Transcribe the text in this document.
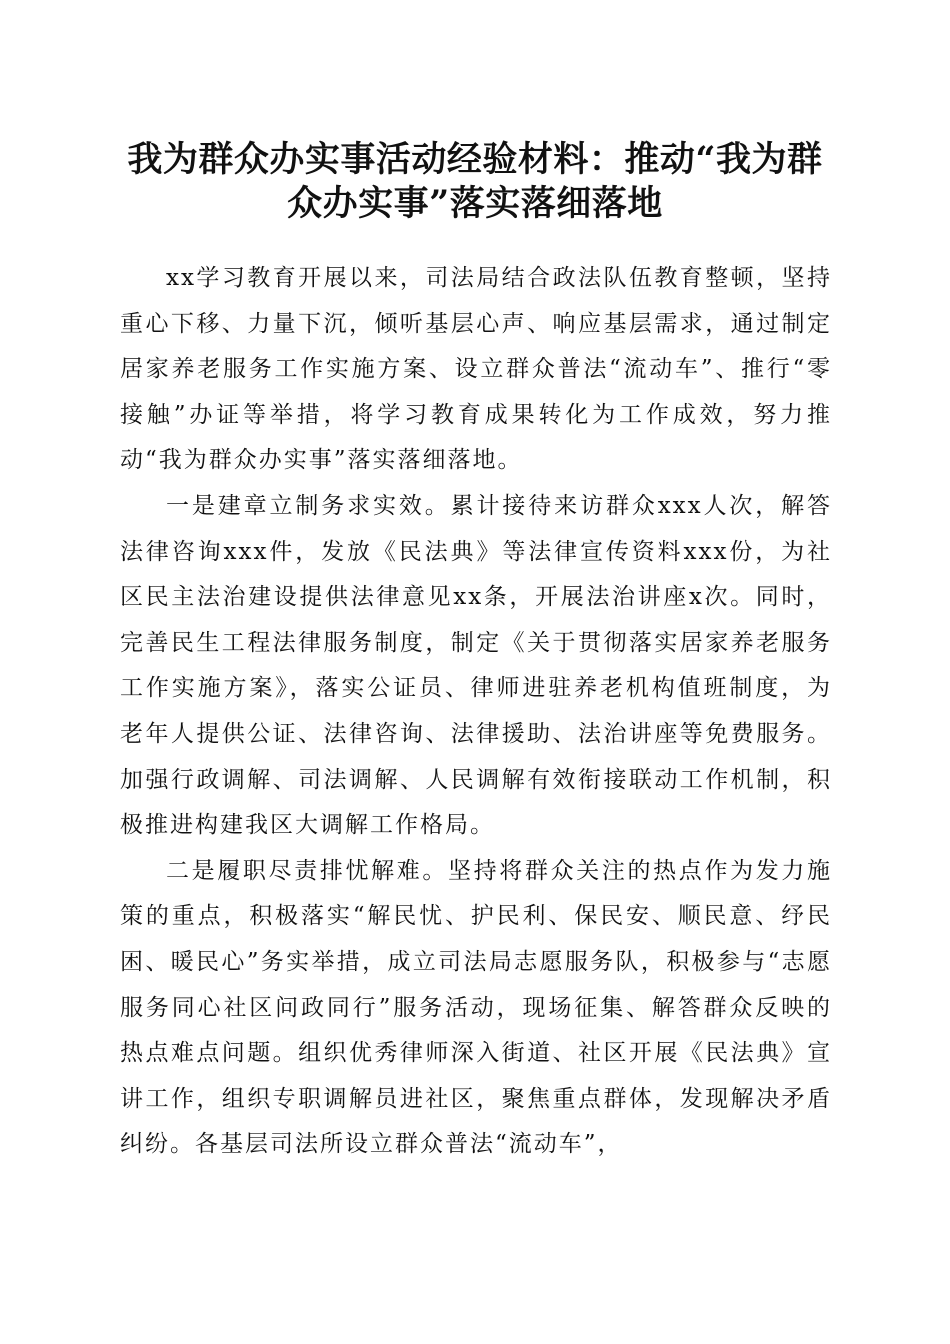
我为群众办实事活动经验材料：推动“我为群
众办实事”落实落细落地

xx学习教育开展以来，司法局结合政法队伍教育整顿，坚持重心下移、力量下沉，倾听基层心声、响应基层需求，通过制定居家养老服务工作实施方案、设立群众普法“流动车”、推行“零接触”办证等举措，将学习教育成果转化为工作成效，努力推动“我为群众办实事”落实落细落地。

一是建章立制务求实效。累计接待来访群众xxx人次，解答法律咨询xxx件，发放《民法典》等法律宣传资料xxx份，为社区民主法治建设提供法律意见xx条，开展法治讲座x次。同时，完善民生工程法律服务制度，制定《关于贯彻落实居家养老服务工作实施方案》，落实公证员、律师进驻养老机构值班制度，为老年人提供公证、法律咨询、法律援助、法治讲座等免费服务。加强行政调解、司法调解、人民调解有效衔接联动工作机制，积极推进构建我区大调解工作格局。

二是履职尽责排忧解难。坚持将群众关注的热点作为发力施策的重点，积极落实“解民忧、护民利、保民安、顺民意、纾民困、暖民心”务实举措，成立司法局志愿服务队，积极参与“志愿服务同心社区问政同行”服务活动，现场征集、解答群众反映的热点难点问题。组织优秀律师深入街道、社区开展《民法典》宣讲工作，组织专职调解员进社区，聚焦重点群体，发现解决矛盾纠纷。各基层司法所设立群众普法“流动车”，
